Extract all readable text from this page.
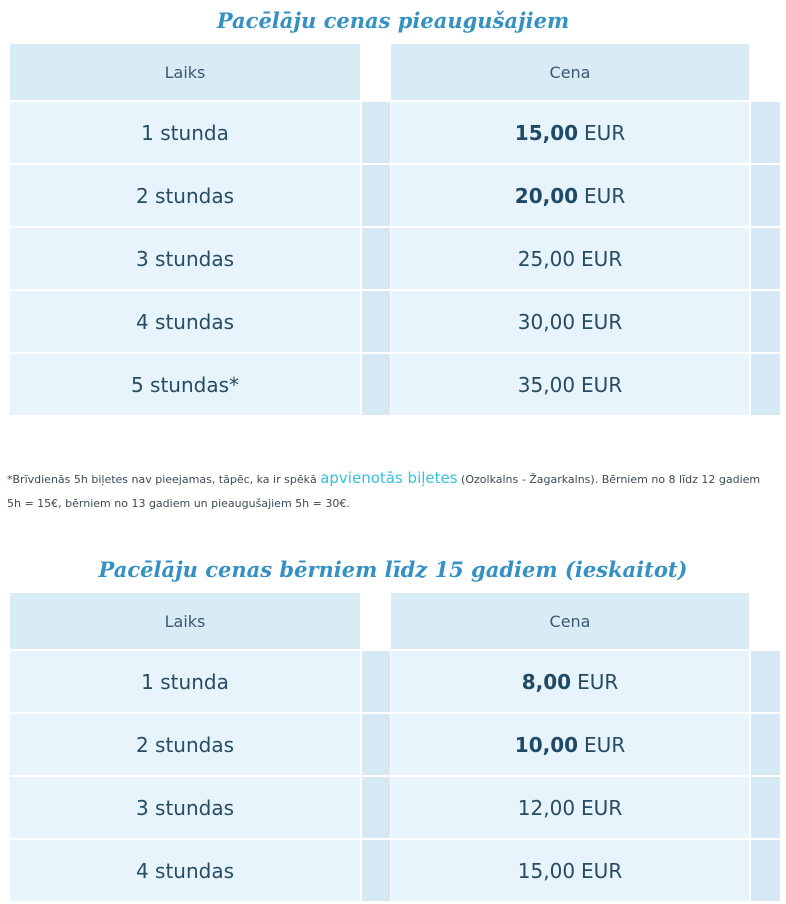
Pacēlāju cenas pieaugušajiem
Laiks	Cena
1 stunda	15,00 EUR
2 stundas	20,00 EUR
3 stundas	25,00 EUR
4 stundas	30,00 EUR
5 stundas*	35,00 EUR
*Brīvdienās 5h biļetes nav pieejamas, tāpēc, ka ir spēkā apvienotās biļetes (Ozolkalns - Žagarkalns). Bērniem no 8 līdz 12 gadiem 5h = 15€, bērniem no 13 gadiem un pieaugušajiem 5h = 30€.
Pacēlāju cenas bērniem līdz 15 gadiem (ieskaitot)
Laiks	Cena
1 stunda	8,00 EUR
2 stundas	10,00 EUR
3 stundas	12,00 EUR
4 stundas	15,00 EUR
